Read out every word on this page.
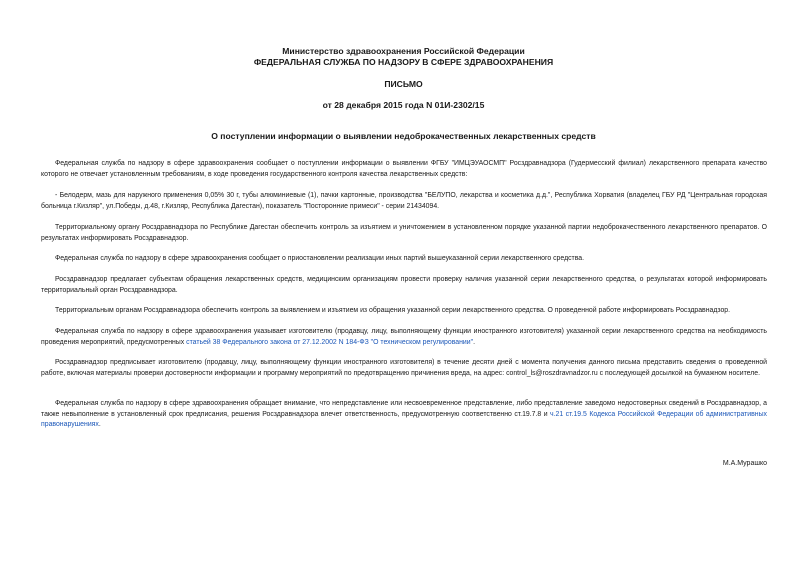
Министерство здравоохранения Российской Федерации
ФЕДЕРАЛЬНАЯ СЛУЖБА ПО НАДЗОРУ В СФЕРЕ ЗДРАВООХРАНЕНИЯ
ПИСЬМО
от 28 декабря 2015 года N 01И-2302/15
О поступлении информации о выявлении недоброкачественных лекарственных средств

Федеральная служба по надзору в сфере здравоохранения сообщает о поступлении информации о выявлении ФГБУ "ИМЦЭУАОСМП" Росздравнадзора (Гудермесский филиал) лекарственного препарата качество которого не отвечает установленным требованиям, в ходе проведения государственного контроля качества лекарственных средств:

- Белодерм, мазь для наружного применения 0,05% 30 г, тубы алюминиевые (1), пачки картонные, производства "БЕЛУПО, лекарства и косметика д.д.", Республика Хорватия (владелец ГБУ РД "Центральная городская больница г.Кизляр", ул.Победы, д.48, г.Кизляр, Республика Дагестан), показатель "Посторонние примеси" - серии 21434094.

Территориальному органу Росздравнадзора по Республике Дагестан обеспечить контроль за изъятием и уничтожением в установленном порядке указанной партии недоброкачественного лекарственного препаратов. О результатах информировать Росздравнадзор.

Федеральная служба по надзору в сфере здравоохранения сообщает о приостановлении реализации иных партий вышеуказанной серии лекарственного средства.

Росздравнадзор предлагает субъектам обращения лекарственных средств, медицинским организациям провести проверку наличия указанной серии лекарственного средства, о результатах которой информировать территориальный орган Росздравнадзора.

Территориальным органам Росздравнадзора обеспечить контроль за выявлением и изъятием из обращения указанной серии лекарственного средства. О проведенной работе информировать Росздравнадзор.

Федеральная служба по надзору в сфере здравоохранения указывает изготовителю (продавцу, лицу, выполняющему функции иностранного изготовителя) указанной серии лекарственного средства на необходимость проведения мероприятий, предусмотренных статьей 38 Федерального закона от 27.12.2002 N 184-ФЗ "О техническом регулировании".

Росздравнадзор предписывает изготовителю (продавцу, лицу, выполняющему функции иностранного изготовителя) в течение десяти дней с момента получения данного письма представить сведения о проведенной работе, включая материалы проверки достоверности информации и программу мероприятий по предотвращению причинения вреда, на адрес: control_ls@roszdravnadzor.ru с последующей досылкой на бумажном носителе.

Федеральная служба по надзору в сфере здравоохранения обращает внимание, что непредставление или несвоевременное представление, либо представление заведомо недостоверных сведений в Росздравнадзор, а также невыполнение в установленный срок предписания, решения Росздравнадзора влечет ответственность, предусмотренную соответственно ст.19.7.8 и ч.21 ст.19.5 Кодекса Российской Федерации об административных правонарушениях.

М.А.Мурашко
